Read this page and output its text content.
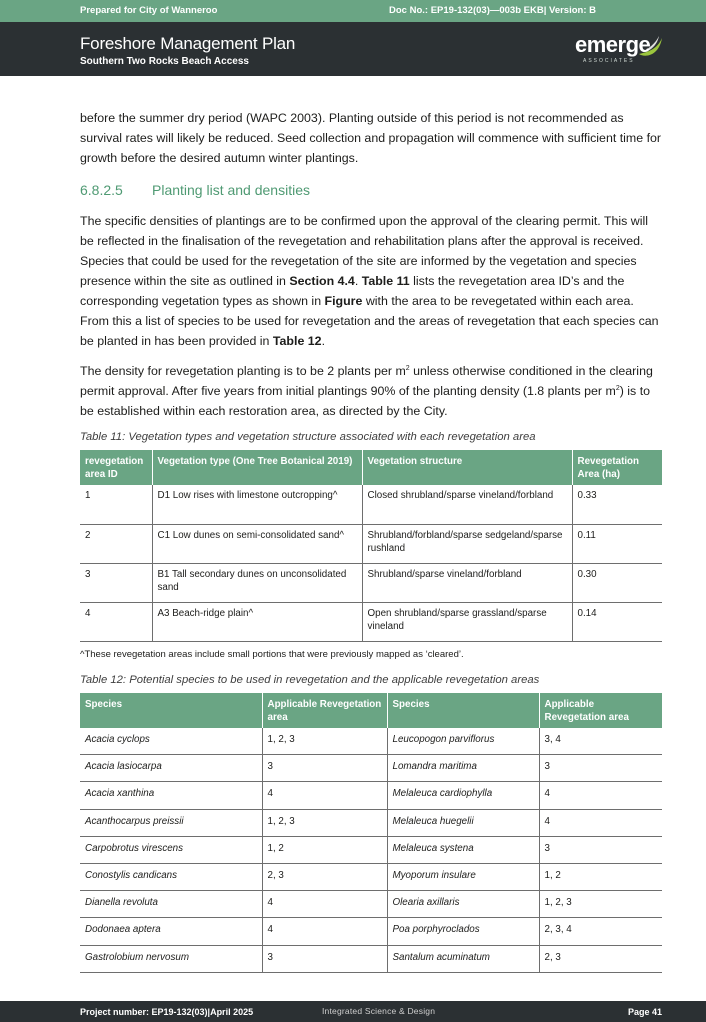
Prepared for City of Wanneroo	Doc No.: EP19-132(03)—003b EKB| Version: B
Foreshore Management Plan
Southern Two Rocks Beach Access
emerge
ASSOCIATES

before the summer dry period (WAPC 2003). Planting outside of this period is not recommended as survival rates will likely be reduced. Seed collection and propagation will commence with sufficient time for growth before the desired autumn winter plantings.

6.8.2.5 Planting list and densities

The specific densities of plantings are to be confirmed upon the approval of the clearing permit. This will be reflected in the finalisation of the revegetation and rehabilitation plans after the approval is received. Species that could be used for the revegetation of the site are informed by the vegetation and species presence within the site as outlined in Section 4.4. Table 11 lists the revegetation area ID’s and the corresponding vegetation types as shown in Figure with the area to be revegetated within each area. From this a list of species to be used for revegetation and the areas of revegetation that each species can be planted in has been provided in Table 12.

The density for revegetation planting is to be 2 plants per $m^2$ unless otherwise conditioned in the clearing permit approval. After five years from initial plantings 90% of the planting density (1.8 plants per $m^2$) is to be established within each restoration area, as directed by the City.

Table 11: Vegetation types and vegetation structure associated with each revegetation area

revegetation area ID	Vegetation type (One Tree Botanical 2019)	Vegetation structure	Revegetation Area (ha)
1	D1 Low rises with limestone outcropping^	Closed shrubland/sparse vineland/forbland	0.33
2	C1 Low dunes on semi-consolidated sand^	Shrubland/forbland/sparse sedgeland/sparse rushland	0.11
3	B1 Tall secondary dunes on unconsolidated sand	Shrubland/sparse vineland/forbland	0.30
4	A3 Beach-ridge plain^	Open shrubland/sparse grassland/sparse vineland	0.14

^These revegetation areas include small portions that were previously mapped as ‘cleared’.

Table 12: Potential species to be used in revegetation and the applicable revegetation areas

Species	Applicable Revegetation area	Species	Applicable Revegetation area
Acacia cyclops	1, 2, 3	Leucopogon parviflorus	3, 4
Acacia lasiocarpa	3	Lomandra maritima	3
Acacia xanthina	4	Melaleuca cardiophylla	4
Acanthocarpus preissii	1, 2, 3	Melaleuca huegelii	4
Carpobrotus virescens	1, 2	Melaleuca systena	3
Conostylis candicans	2, 3	Myoporum insulare	1, 2
Dianella revoluta	4	Olearia axillaris	1, 2, 3
Dodonaea aptera	4	Poa porphyroclados	2, 3, 4
Gastrolobium nervosum	3	Santalum acuminatum	2, 3
Project number: EP19-132(03)|April 2025	Integrated Science & Design	Page 41
